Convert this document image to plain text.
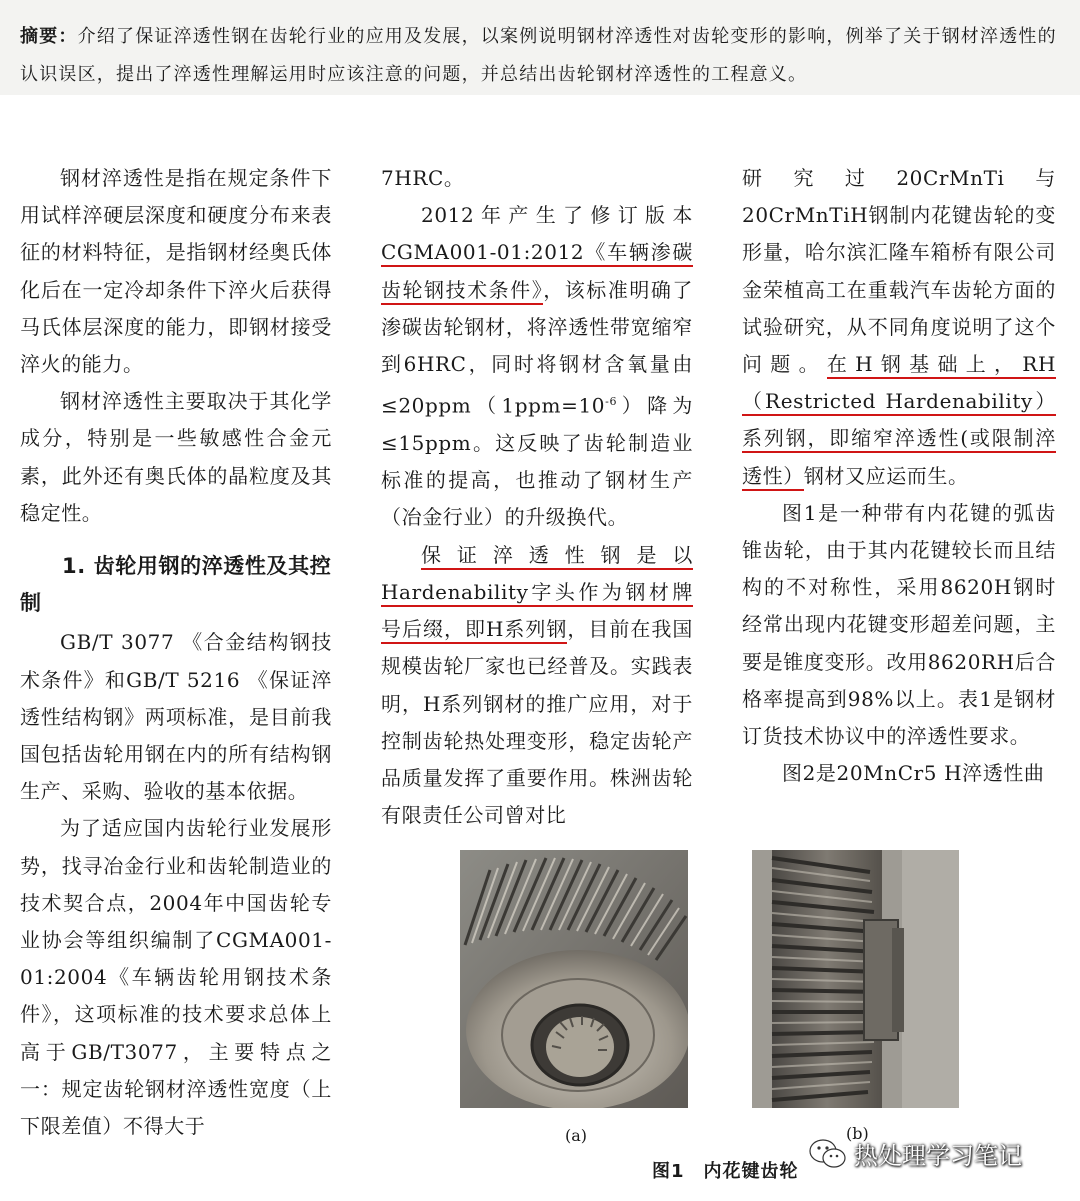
摘要：介绍了保证淬透性钢在齿轮行业的应用及发展，以案例说明钢材淬透性对齿轮变形的影响，例举了关于钢材淬透性的认识误区，提出了淬透性理解运用时应该注意的问题，并总结出齿轮钢材淬透性的工程意义。

钢材淬透性是指在规定条件下用试样淬硬层深度和硬度分布来表征的材料特征，是指钢材经奥氏体化后在一定冷却条件下淬火后获得马氏体层深度的能力，即钢材接受淬火的能力。

钢材淬透性主要取决于其化学成分，特别是一些敏感性合金元素，此外还有奥氏体的晶粒度及其稳定性。

1. 齿轮用钢的淬透性及其控制

GB/T 3077 《合金结构钢技术条件》和GB/T 5216 《保证淬透性结构钢》两项标准，是目前我国包括齿轮用钢在内的所有结构钢生产、采购、验收的基本依据。

为了适应国内齿轮行业发展形势，找寻冶金行业和齿轮制造业的技术契合点，2004年中国齿轮专业协会等组织编制了CGMA001-01:2004《车辆齿轮用钢技术条件》，这项标准的技术要求总体上高于GB/T3077，主要特点之一：规定齿轮钢材淬透性宽度（上下限差值）不得大于

7HRC。

2012年产生了修订版本CGMA001-01:2012《车辆渗碳齿轮钢技术条件》，该标准明确了渗碳齿轮钢材，将淬透性带宽缩窄到6HRC，同时将钢材含氧量由$\le 20ppm(1ppm=10^{-6})$降为≤15ppm。这反映了齿轮制造业标准的提高，也推动了钢材生产（冶金行业）的升级换代。

保证淬透性钢是以Hardenability字头作为钢材牌号后缀，即H系列钢，目前在我国规模齿轮厂家也已经普及。实践表明，H系列钢材的推广应用，对于控制齿轮热处理变形，稳定齿轮产品质量发挥了重要作用。株洲齿轮有限责任公司曾对比

研究过20CrMnTi与20CrMnTiH钢制内花键齿轮的变形量，哈尔滨汇隆车箱桥有限公司金荣植高工在重载汽车齿轮方面的试验研究，从不同角度说明了这个问题。在H钢基础上，RH（Restricted Hardenability）系列钢，即缩窄淬透性(或限制淬透性）钢材又应运而生。

图1是一种带有内花键的弧齿锥齿轮，由于其内花键较长而且结构的不对称性，采用8620H钢时经常出现内花键变形超差问题，主要是锥度变形。改用8620RH后合格率提高到98%以上。表1是钢材订货技术协议中的淬透性要求。

图2是20MnCr5 H淬透性曲

(a)	(b)
图1　内花键齿轮
热处理学习笔记
